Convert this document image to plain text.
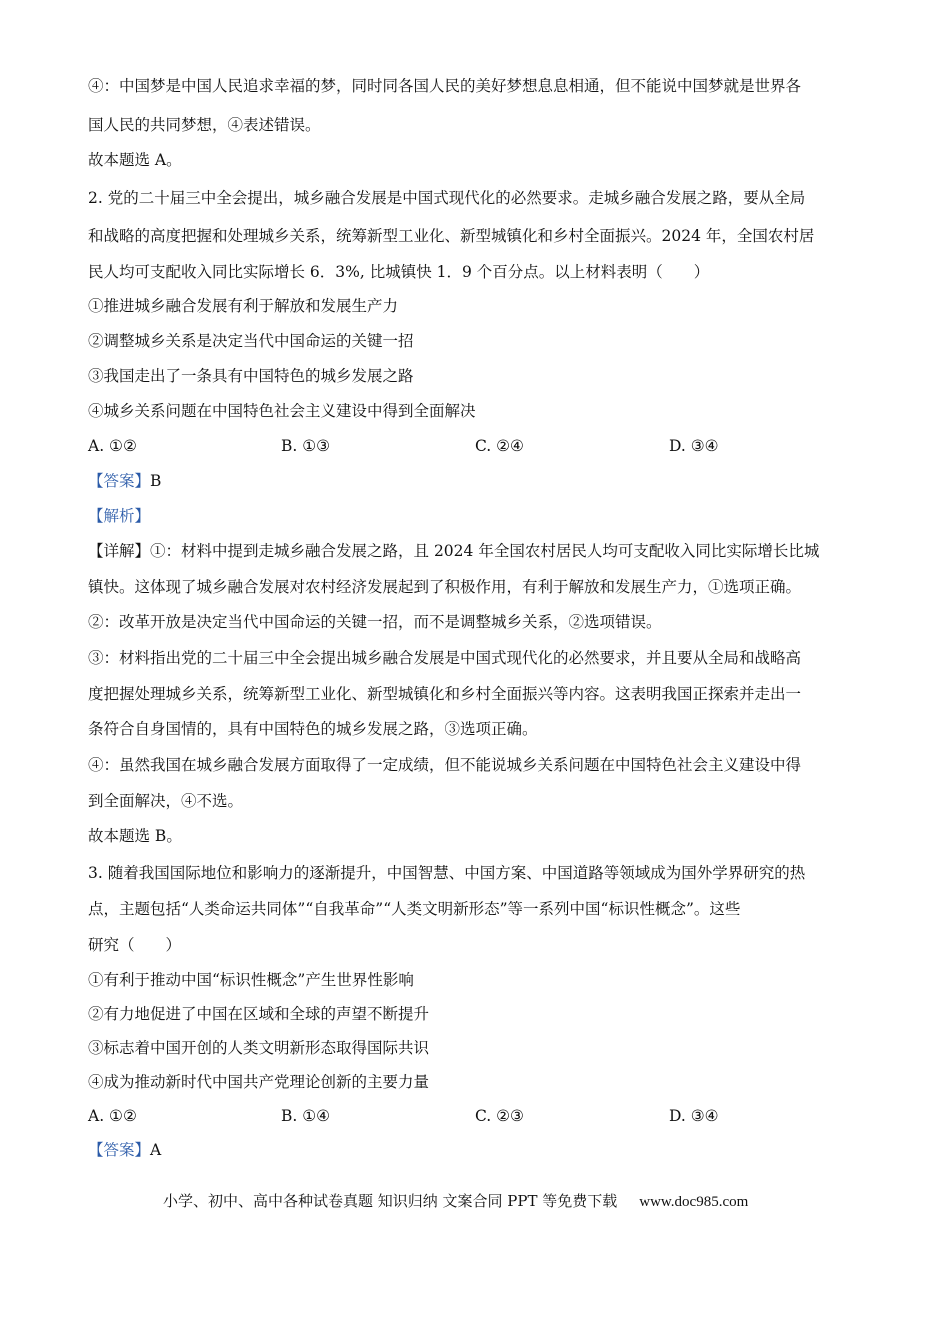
④：中国梦是中国人民追求幸福的梦，同时同各国人民的美好梦想息息相通，但不能说中国梦就是世界各
国人民的共同梦想，④表述错误。
故本题选 A。
2. 党的二十届三中全会提出，城乡融合发展是中国式现代化的必然要求。走城乡融合发展之路，要从全局
和战略的高度把握和处理城乡关系，统筹新型工业化、新型城镇化和乡村全面振兴。2024 年，全国农村居
民人均可支配收入同比实际增长 6．3%, 比城镇快 1．9 个百分点。以上材料表明（　　）
①推进城乡融合发展有利于解放和发展生产力
②调整城乡关系是决定当代中国命运的关键一招
③我国走出了一条具有中国特色的城乡发展之路
④城乡关系问题在中国特色社会主义建设中得到全面解决
A. ①②	B. ①③	C. ②④	D. ③④
【答案】B
【解析】
【详解】①：材料中提到走城乡融合发展之路，且 2024 年全国农村居民人均可支配收入同比实际增长比城
镇快。这体现了城乡融合发展对农村经济发展起到了积极作用，有利于解放和发展生产力，①选项正确。
②：改革开放是决定当代中国命运的关键一招，而不是调整城乡关系，②选项错误。
③：材料指出党的二十届三中全会提出城乡融合发展是中国式现代化的必然要求，并且要从全局和战略高
度把握处理城乡关系，统筹新型工业化、新型城镇化和乡村全面振兴等内容。这表明我国正探索并走出一
条符合自身国情的，具有中国特色的城乡发展之路，③选项正确。
④：虽然我国在城乡融合发展方面取得了一定成绩，但不能说城乡关系问题在中国特色社会主义建设中得
到全面解决，④不选。
故本题选 B。
3. 随着我国国际地位和影响力的逐渐提升，中国智慧、中国方案、中国道路等领域成为国外学界研究的热
点，主题包括“人类命运共同体”“自我革命”“人类文明新形态”等一系列中国“标识性概念”。这些
研究（　　）
①有利于推动中国“标识性概念”产生世界性影响
②有力地促进了中国在区域和全球的声望不断提升
③标志着中国开创的人类文明新形态取得国际共识
④成为推动新时代中国共产党理论创新的主要力量
A. ①②	B. ①④	C. ②③	D. ③④
【答案】A
小学、初中、高中各种试卷真题 知识归纳 文案合同 PPT 等免费下载 www.doc985.com
